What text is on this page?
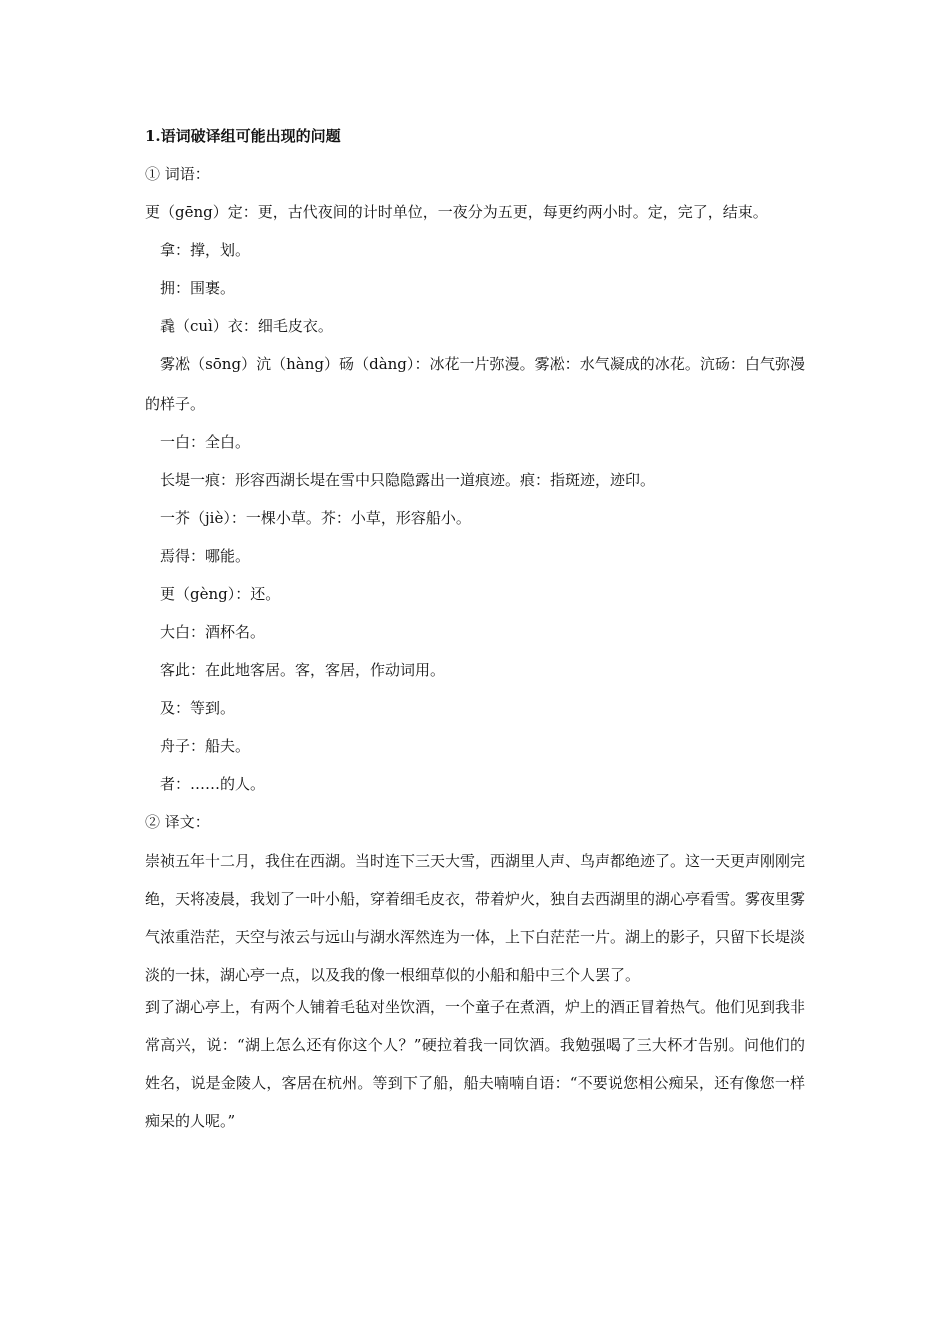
1.语词破译组可能出现的问题
① 词语：

更（gēng）定：更，古代夜间的计时单位，一夜分为五更，每更约两小时。定，完了，结束。

拿：撑，划。

拥：围裹。

毳（cuì）衣：细毛皮衣。

雾凇（sōng）沆（hàng）砀（dàng）：冰花一片弥漫。雾凇：水气凝成的冰花。沆砀：白气弥漫的样子。

一白：全白。

长堤一痕：形容西湖长堤在雪中只隐隐露出一道痕迹。痕：指斑迹，迹印。

一芥（jiè）：一棵小草。芥：小草，形容船小。

焉得：哪能。

更（gèng）：还。

大白：酒杯名。

客此：在此地客居。客，客居，作动词用。

及：等到。

舟子：船夫。

者：……的人。

② 译文：

崇祯五年十二月，我住在西湖。当时连下三天大雪，西湖里人声、鸟声都绝迹了。这一天更声刚刚完绝，天将凌晨，我划了一叶小船，穿着细毛皮衣，带着炉火，独自去西湖里的湖心亭看雪。雾夜里雾气浓重浩茫，天空与浓云与远山与湖水浑然连为一体，上下白茫茫一片。湖上的影子，只留下长堤淡淡的一抹，湖心亭一点，以及我的像一根细草似的小船和船中三个人罢了。

到了湖心亭上，有两个人铺着毛毡对坐饮酒，一个童子在煮酒，炉上的酒正冒着热气。他们见到我非常高兴，说：“湖上怎么还有你这个人？”硬拉着我一同饮酒。我勉强喝了三大杯才告别。问他们的姓名，说是金陵人，客居在杭州。等到下了船，船夫喃喃自语：“不要说您相公痴呆，还有像您一样痴呆的人呢。”
